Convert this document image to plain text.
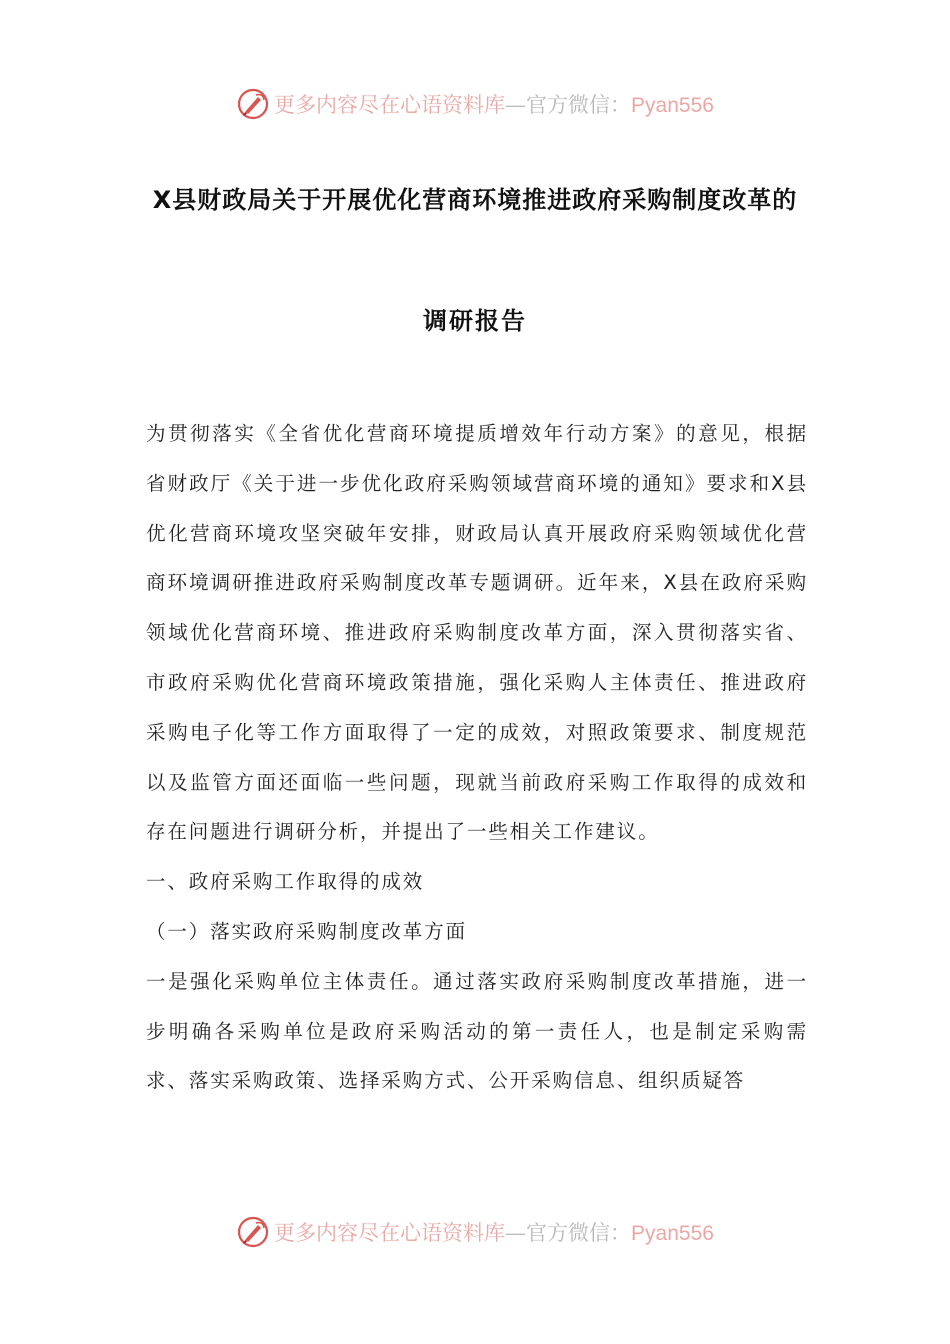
更多内容尽在心语资料库—官方微信：Pyan556
X县财政局关于开展优化营商环境推进政府采购制度改革的
调研报告

为贯彻落实《全省优化营商环境提质增效年行动方案》的意见，根据省财政厅《关于进一步优化政府采购领域营商环境的通知》要求和X县优化营商环境攻坚突破年安排，财政局认真开展政府采购领域优化营商环境调研推进政府采购制度改革专题调研。近年来，X县在政府采购领域优化营商环境、推进政府采购制度改革方面，深入贯彻落实省、市政府采购优化营商环境政策措施，强化采购人主体责任、推进政府采购电子化等工作方面取得了一定的成效，对照政策要求、制度规范以及监管方面还面临一些问题，现就当前政府采购工作取得的成效和存在问题进行调研分析，并提出了一些相关工作建议。

一、政府采购工作取得的成效

（一）落实政府采购制度改革方面

一是强化采购单位主体责任。通过落实政府采购制度改革措施，进一步明确各采购单位是政府采购活动的第一责任人，也是制定采购需求、落实采购政策、选择采购方式、公开采购信息、组织质疑答

更多内容尽在心语资料库—官方微信：Pyan556
